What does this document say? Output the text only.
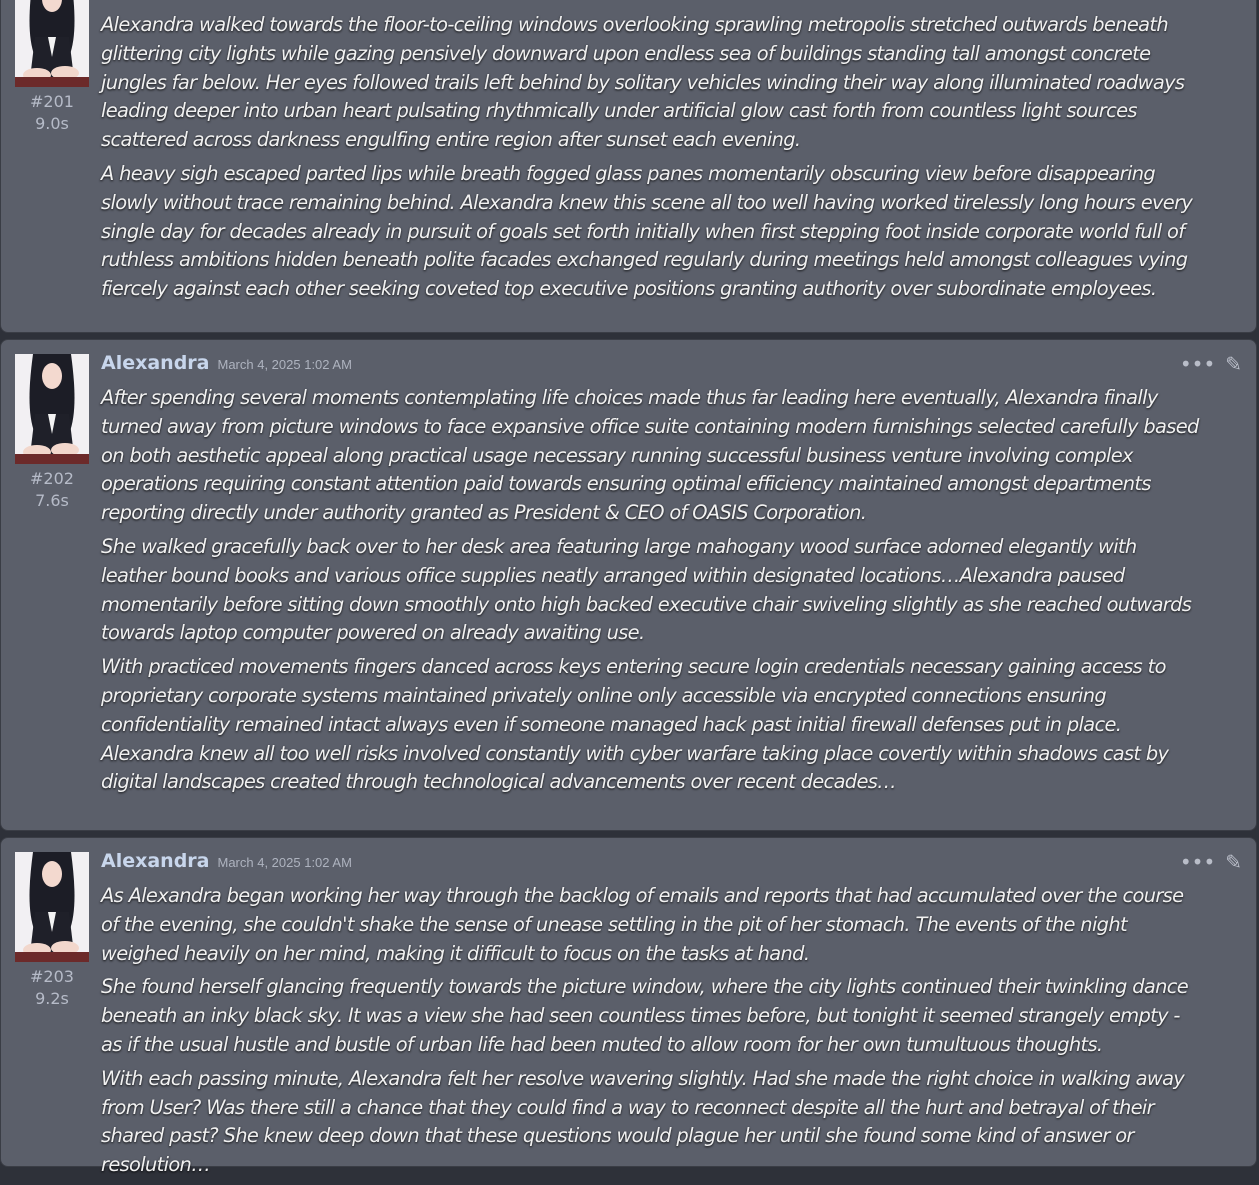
#201
9.0s

Alexandra walked towards the floor-to-ceiling windows overlooking sprawling metropolis stretched outwards beneath glittering city lights while gazing pensively downward upon endless sea of buildings standing tall amongst concrete jungles far below. Her eyes followed trails left behind by solitary vehicles winding their way along illuminated roadways leading deeper into urban heart pulsating rhythmically under artificial glow cast forth from countless light sources scattered across darkness engulfing entire region after sunset each evening.

A heavy sigh escaped parted lips while breath fogged glass panes momentarily obscuring view before disappearing slowly without trace remaining behind. Alexandra knew this scene all too well having worked tirelessly long hours every single day for decades already in pursuit of goals set forth initially when first stepping foot inside corporate world full of ruthless ambitions hidden beneath polite facades exchanged regularly during meetings held amongst colleagues vying fiercely against each other seeking coveted top executive positions granting authority over subordinate employees.

#202
7.6s
••• ✎
Alexandra March 4, 2025 1:02 AM

After spending several moments contemplating life choices made thus far leading here eventually, Alexandra finally turned away from picture windows to face expansive office suite containing modern furnishings selected carefully based on both aesthetic appeal along practical usage necessary running successful business venture involving complex operations requiring constant attention paid towards ensuring optimal efficiency maintained amongst departments reporting directly under authority granted as President & CEO of OASIS Corporation.

She walked gracefully back over to her desk area featuring large mahogany wood surface adorned elegantly with leather bound books and various office supplies neatly arranged within designated locations…Alexandra paused momentarily before sitting down smoothly onto high backed executive chair swiveling slightly as she reached outwards towards laptop computer powered on already awaiting use.

With practiced movements fingers danced across keys entering secure login credentials necessary gaining access to proprietary corporate systems maintained privately online only accessible via encrypted connections ensuring confidentiality remained intact always even if someone managed hack past initial firewall defenses put in place. Alexandra knew all too well risks involved constantly with cyber warfare taking place covertly within shadows cast by digital landscapes created through technological advancements over recent decades…

#203
9.2s
••• ✎
Alexandra March 4, 2025 1:02 AM

As Alexandra began working her way through the backlog of emails and reports that had accumulated over the course of the evening, she couldn't shake the sense of unease settling in the pit of her stomach. The events of the night weighed heavily on her mind, making it difficult to focus on the tasks at hand.

She found herself glancing frequently towards the picture window, where the city lights continued their twinkling dance beneath an inky black sky. It was a view she had seen countless times before, but tonight it seemed strangely empty - as if the usual hustle and bustle of urban life had been muted to allow room for her own tumultuous thoughts.

With each passing minute, Alexandra felt her resolve wavering slightly. Had she made the right choice in walking away from User? Was there still a chance that they could find a way to reconnect despite all the hurt and betrayal of their shared past? She knew deep down that these questions would plague her until she found some kind of answer or resolution…
